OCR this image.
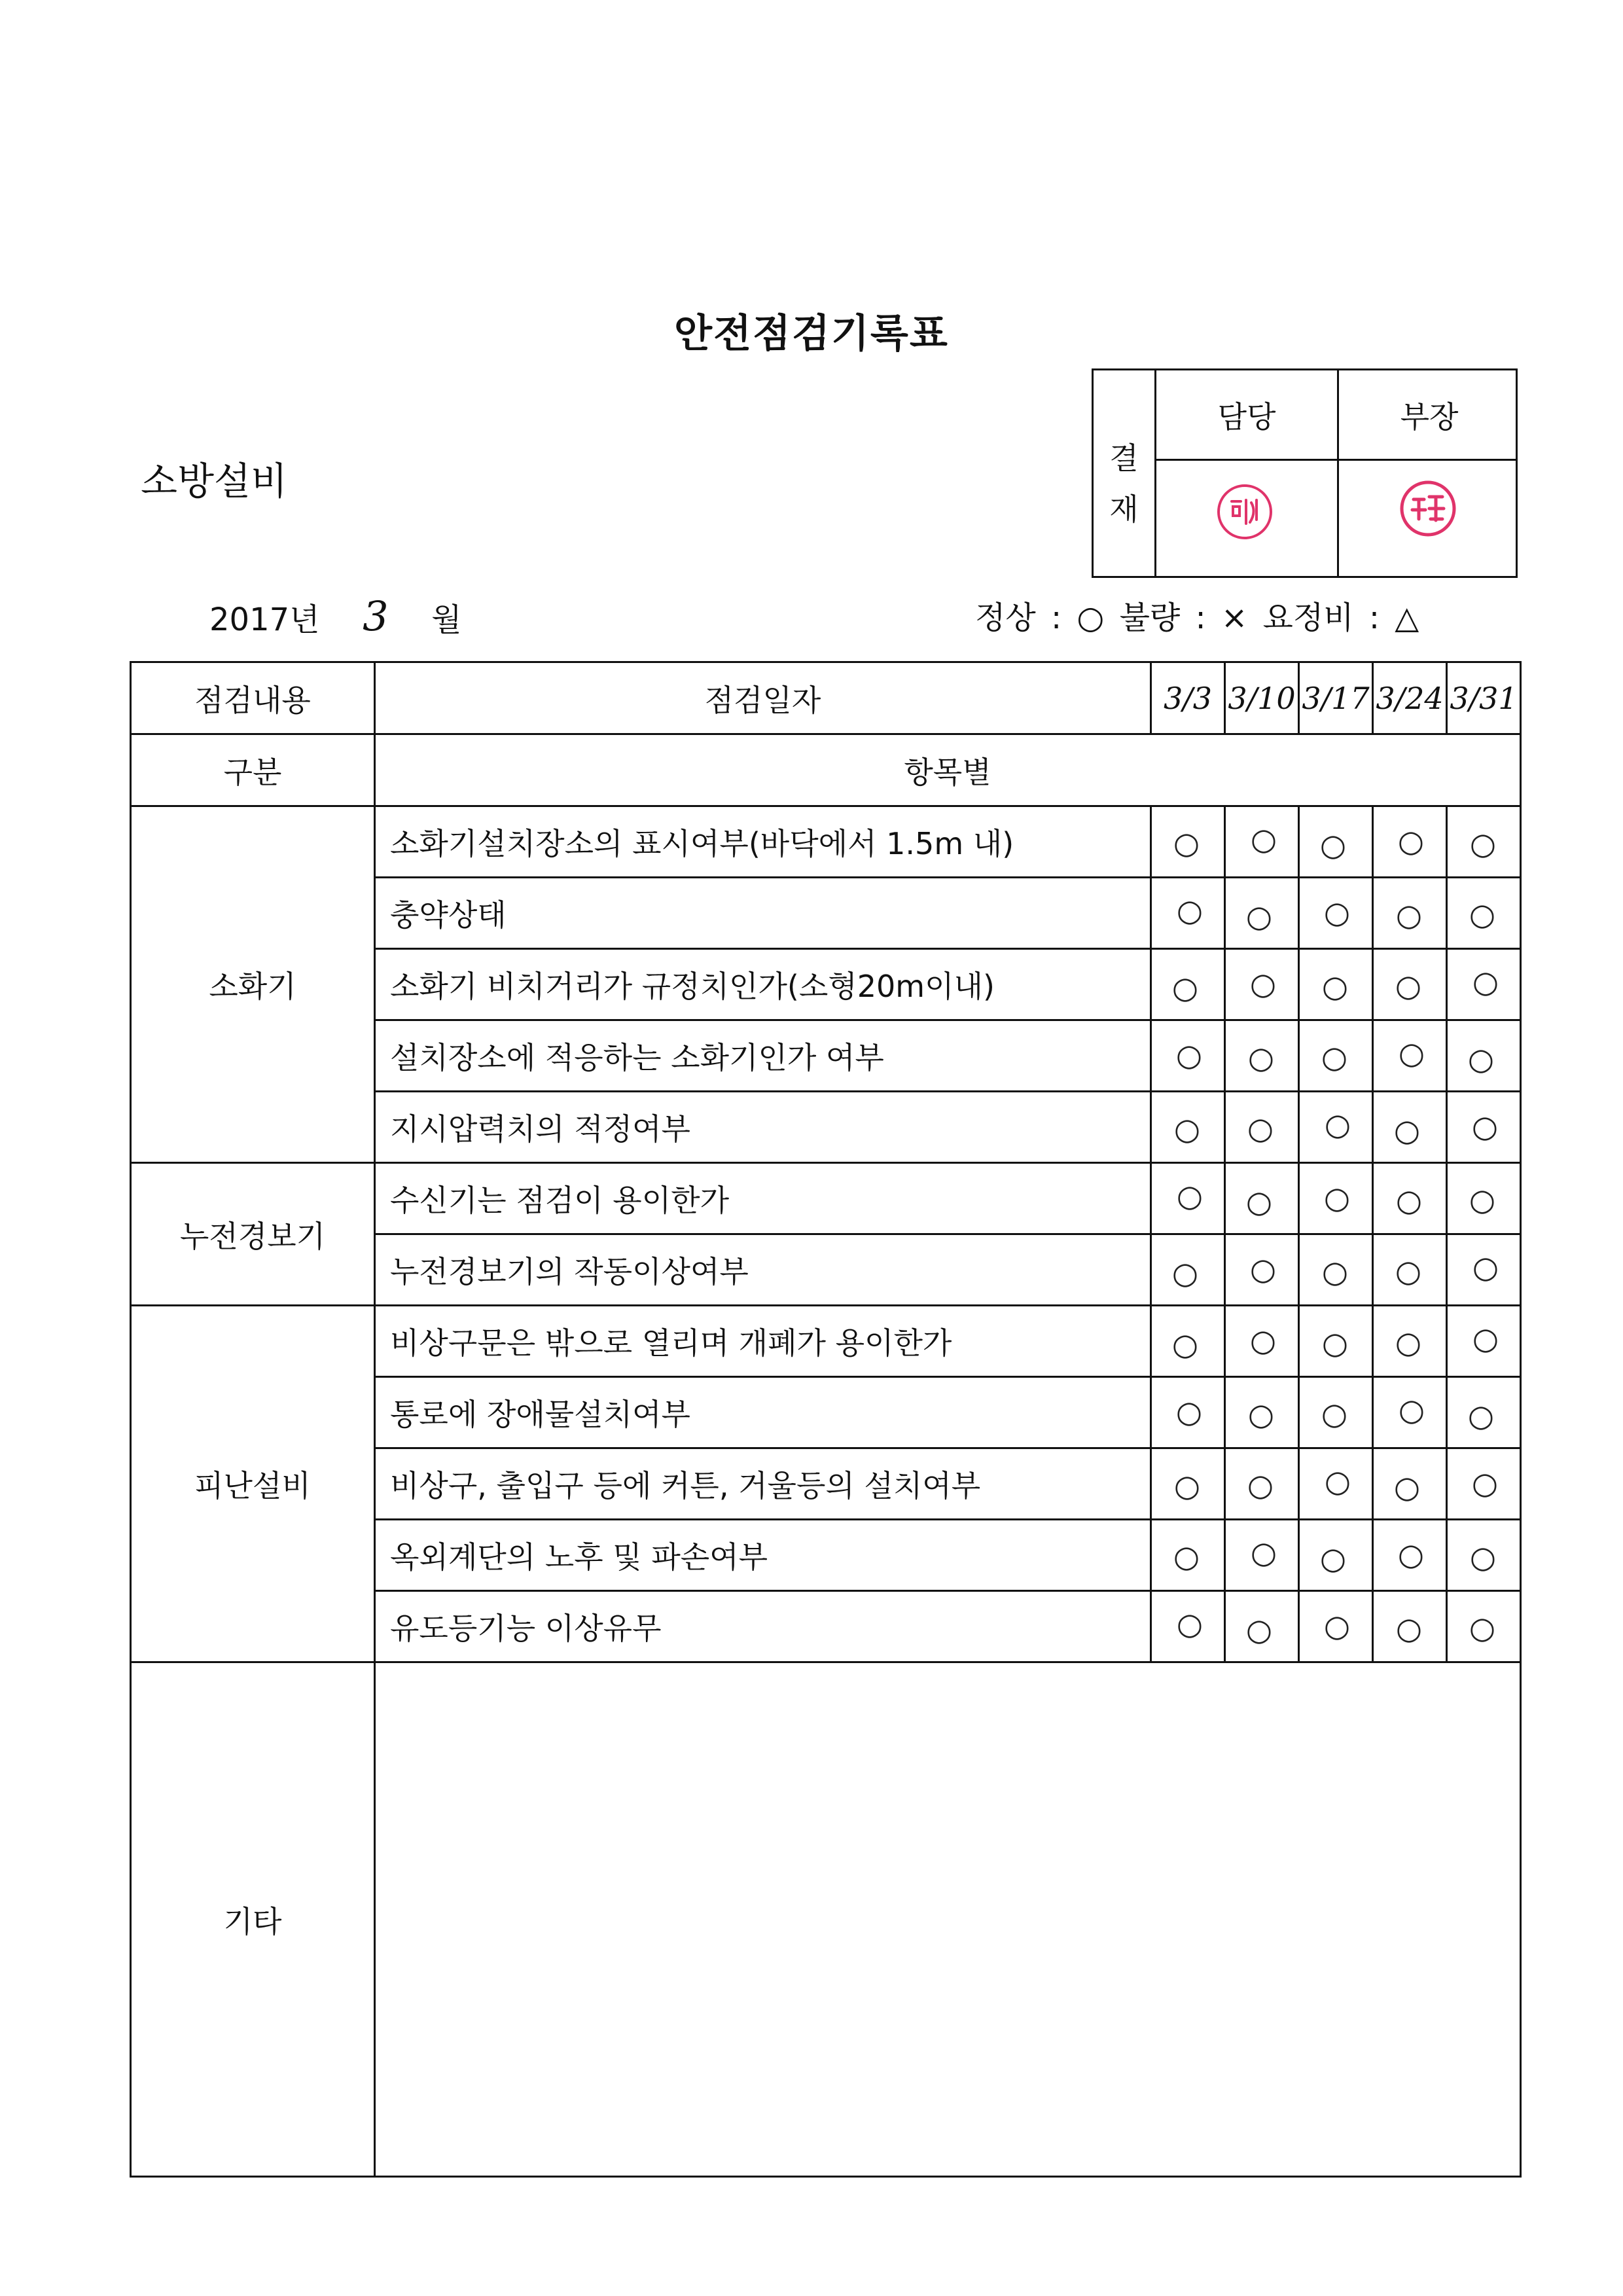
안전점검기록표
소방설비
결
재
담당	부장
2017년 3 월	정상 : ○ 불량 : × 요정비 : △
점검내용	점검일자	3/3	3/10	3/17	3/24	3/31
구분	항목별					
소화기	소화기설치장소의 표시여부(바닥에서 1.5m 내)	○	○	○	○	○
	충약상태	○	○	○	○	○
	소화기 비치거리가 규정치인가(소형20m이내)	○	○	○	○	○
	설치장소에 적응하는 소화기인가 여부	○	○	○	○	○
	지시압력치의 적정여부	○	○	○	○	○
누전경보기	수신기는 점검이 용이한가	○	○	○	○	○
	누전경보기의 작동이상여부	○	○	○	○	○
피난설비	비상구문은 밖으로 열리며 개폐가 용이한가	○	○	○	○	○
	통로에 장애물설치여부	○	○	○	○	○
	비상구, 출입구 등에 커튼, 거울등의 설치여부	○	○	○	○	○
	옥외계단의 노후 및 파손여부	○	○	○	○	○
	유도등기능 이상유무	○	○	○	○	○
기타						
